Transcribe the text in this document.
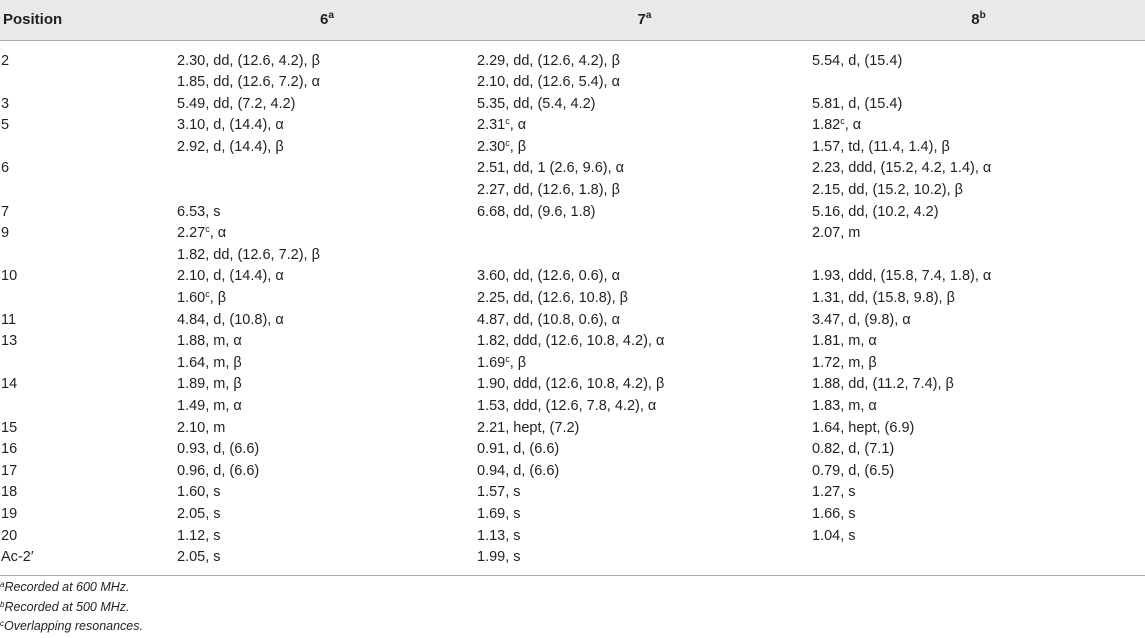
Position	6$^a$	7$^a$	8$^b$
2	2.30, dd, (12.6, 4.2), β	2.29, dd, (12.6, 4.2), β	5.54, d, (15.4)
	1.85, dd, (12.6, 7.2), α	2.10, dd, (12.6, 5.4), α	
3	5.49, dd, (7.2, 4.2)	5.35, dd, (5.4, 4.2)	5.81, d, (15.4)
5	3.10, d, (14.4), α	2.31$^c$, α	1.82$^c$, α
	2.92, d, (14.4), β	2.30$^c$, β	1.57, td, (11.4, 1.4), β
6		2.51, dd, 1 (2.6, 9.6), α	2.23, ddd, (15.2, 4.2, 1.4), α
		2.27, dd, (12.6, 1.8), β	2.15, dd, (15.2, 10.2), β
7	6.53, s	6.68, dd, (9.6, 1.8)	5.16, dd, (10.2, 4.2)
9	2.27$^c$, α		2.07, m
	1.82, dd, (12.6, 7.2), β		
10	2.10, d, (14.4), α	3.60, dd, (12.6, 0.6), α	1.93, ddd, (15.8, 7.4, 1.8), α
	1.60$^c$, β	2.25, dd, (12.6, 10.8), β	1.31, dd, (15.8, 9.8), β
11	4.84, d, (10.8), α	4.87, dd, (10.8, 0.6), α	3.47, d, (9.8), α
13	1.88, m, α	1.82, ddd, (12.6, 10.8, 4.2), α	1.81, m, α
	1.64, m, β	1.69$^c$, β	1.72, m, β
14	1.89, m, β	1.90, ddd, (12.6, 10.8, 4.2), β	1.88, dd, (11.2, 7.4), β
	1.49, m, α	1.53, ddd, (12.6, 7.8, 4.2), α	1.83, m, α
15	2.10, m	2.21, hept, (7.2)	1.64, hept, (6.9)
16	0.93, d, (6.6)	0.91, d, (6.6)	0.82, d, (7.1)
17	0.96, d, (6.6)	0.94, d, (6.6)	0.79, d, (6.5)
18	1.60, s	1.57, s	1.27, s
19	2.05, s	1.69, s	1.66, s
20	1.12, s	1.13, s	1.04, s
Ac-2′	2.05, s	1.99, s	
$^a$Recorded at 600 MHz.
$^b$Recorded at 500 MHz.
$^c$Overlapping resonances.
